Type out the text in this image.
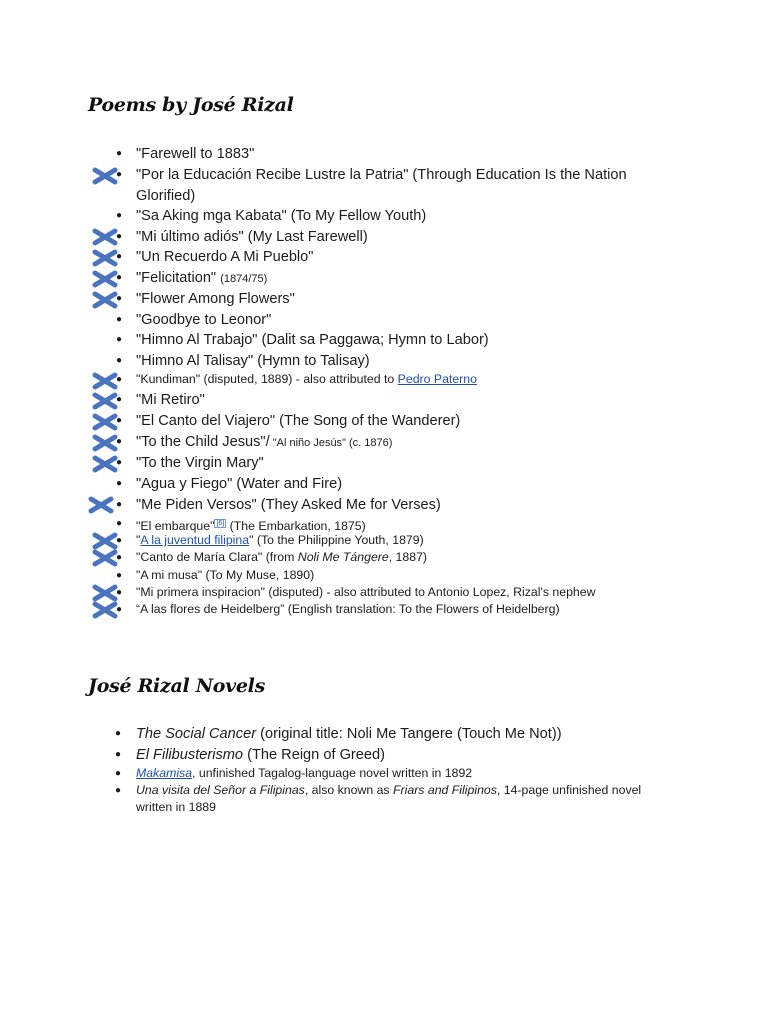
Poems by José Rizal
● "Farewell to 1883"
● "Por la Educación Recibe Lustre la Patria" (Through Education Is the Nation Glorified)
● "Sa Aking mga Kabata" (To My Fellow Youth)
● "Mi último adiós" (My Last Farewell)
● "Un Recuerdo A Mi Pueblo"
● "Felicitation" (1874/75)
● "Flower Among Flowers"
● "Goodbye to Leonor"
● "Himno Al Trabajo" (Dalit sa Paggawa; Hymn to Labor)
● "Himno Al Talisay" (Hymn to Talisay)
● "Kundiman" (disputed, 1889) - also attributed to Pedro Paterno
● "Mi Retiro"
● "El Canto del Viajero" (The Song of the Wanderer)
● "To the Child Jesus"/ "Al niño Jesús" (c. 1876)
● "To the Virgin Mary"
● "Agua y Fiego" (Water and Fire)
● "Me Piden Versos" (They Asked Me for Verses)
● "El embarque" [6] (The Embarkation, 1875)
● "A la juventud filipina" (To the Philippine Youth, 1879)
● "Canto de María Clara" (from Noli Me Tángere, 1887)
● "A mi musa" (To My Muse, 1890)
● "Mi primera inspiracion" (disputed) - also attributed to Antonio Lopez, Rizal's nephew
● “A las flores de Heidelberg” (English translation: To the Flowers of Heidelberg)
José Rizal Novels
● The Social Cancer (original title: Noli Me Tangere (Touch Me Not))
● El Filibusterismo (The Reign of Greed)
● Makamisa, unfinished Tagalog-language novel written in 1892
● Una visita del Señor a Filipinas, also known as Friars and Filipinos, 14-page unfinished novel written in 1889
